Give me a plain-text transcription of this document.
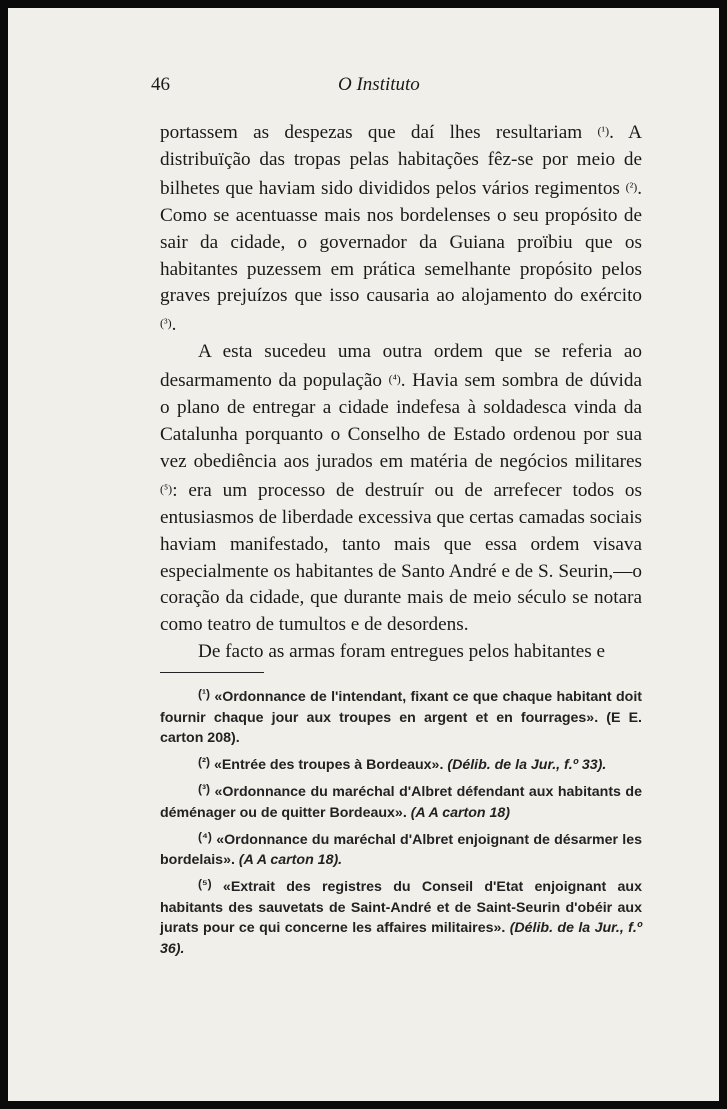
46	O Instituto

portassem as despezas que daí lhes resultariam (¹). A distribuïção das tropas pelas habitações fêz-se por meio de bilhetes que haviam sido divididos pelos vários regimentos (²). Como se acentuasse mais nos bordelenses o seu propósito de sair da cidade, o governador da Guiana proïbiu que os habitantes puzessem em prática semelhante propósito pelos graves prejuízos que isso causaria ao alojamento do exército (³).

A esta sucedeu uma outra ordem que se referia ao desarmamento da população (⁴). Havia sem sombra de dúvida o plano de entregar a cidade indefesa à soldadesca vinda da Catalunha porquanto o Conselho de Estado ordenou por sua vez obediência aos jurados em matéria de negócios militares (⁵): era um processo de destruír ou de arrefecer todos os entusiasmos de liberdade excessiva que certas camadas sociais haviam manifestado, tanto mais que essa ordem visava especialmente os habitantes de Santo André e de S. Seurin,—o coração da cidade, que durante mais de meio século se notara como teatro de tumultos e de desordens.

De facto as armas foram entregues pelos habitantes e

$^{(^1)}$ «Ordonnance de l'intendant, fixant ce que chaque habitant doit fournir chaque jour aux troupes en argent et en fourrages». (E E. carton 208).

$^{(^2)}$ «Entrée des troupes à Bordeaux». (Délib. de la Jur., f.º 33).

$^{(^3)}$ «Ordonnance du maréchal d'Albret défendant aux habitants de déménager ou de quitter Bordeaux». (A A carton 18)

$^{(^4)}$ «Ordonnance du maréchal d'Albret enjoignant de désarmer les bordelais». (A A carton 18).

$^{(^5)}$ «Extrait des registres du Conseil d'Etat enjoignant aux habitants des sauvetats de Saint-André et de Saint-Seurin d'obéir aux jurats pour ce qui concerne les affaires militaires». (Délib. de la Jur., f.º 36).
